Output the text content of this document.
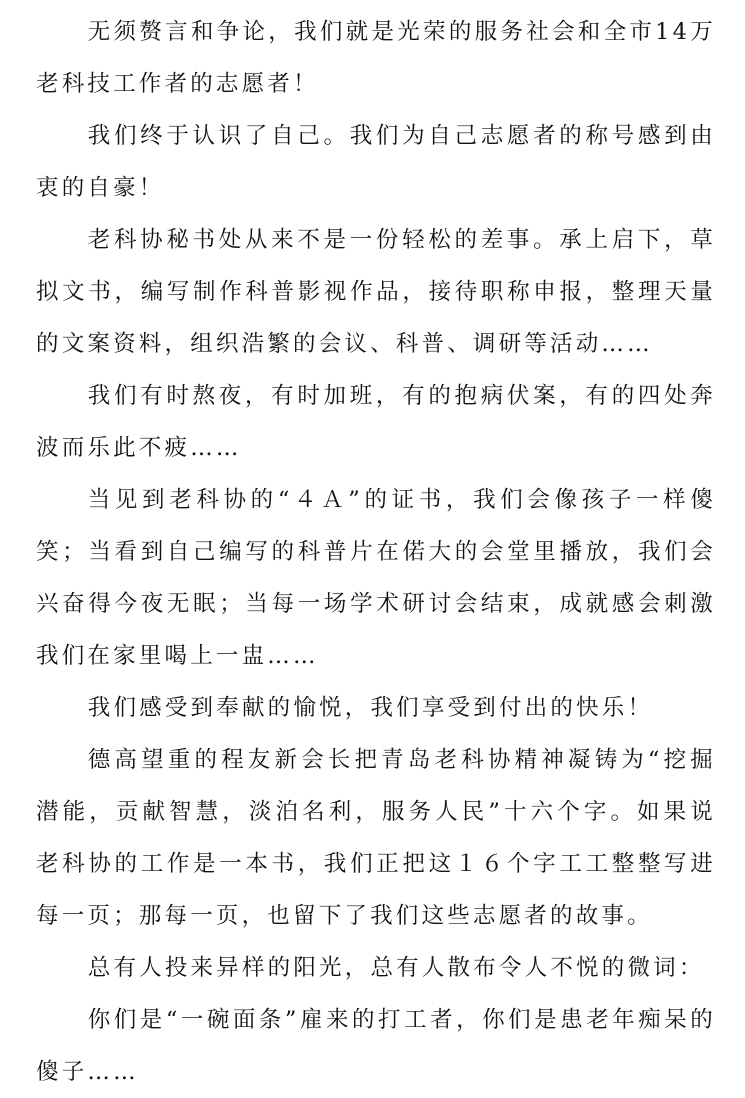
无须赘言和争论，我们就是光荣的服务社会和全市14万老科技工作者的志愿者！

我们终于认识了自己。我们为自己志愿者的称号感到由衷的自豪！

老科协秘书处从来不是一份轻松的差事。承上启下，草拟文书，编写制作科普影视作品，接待职称申报，整理天量的文案资料，组织浩繁的会议、科普、调研等活动……

我们有时熬夜，有时加班，有的抱病伏案，有的四处奔波而乐此不疲……

当见到老科协的“４Ａ”的证书，我们会像孩子一样傻笑；当看到自己编写的科普片在偌大的会堂里播放，我们会兴奋得今夜无眠；当每一场学术研讨会结束，成就感会刺激我们在家里喝上一盅……

我们感受到奉献的愉悦，我们享受到付出的快乐！

德高望重的程友新会长把青岛老科协精神凝铸为“挖掘潜能，贡献智慧，淡泊名利，服务人民”十六个字。如果说老科协的工作是一本书，我们正把这１６个字工工整整写进每一页；那每一页，也留下了我们这些志愿者的故事。

总有人投来异样的阳光，总有人散布令人不悦的微词：

你们是“一碗面条”雇来的打工者，你们是患老年痴呆的傻子……
